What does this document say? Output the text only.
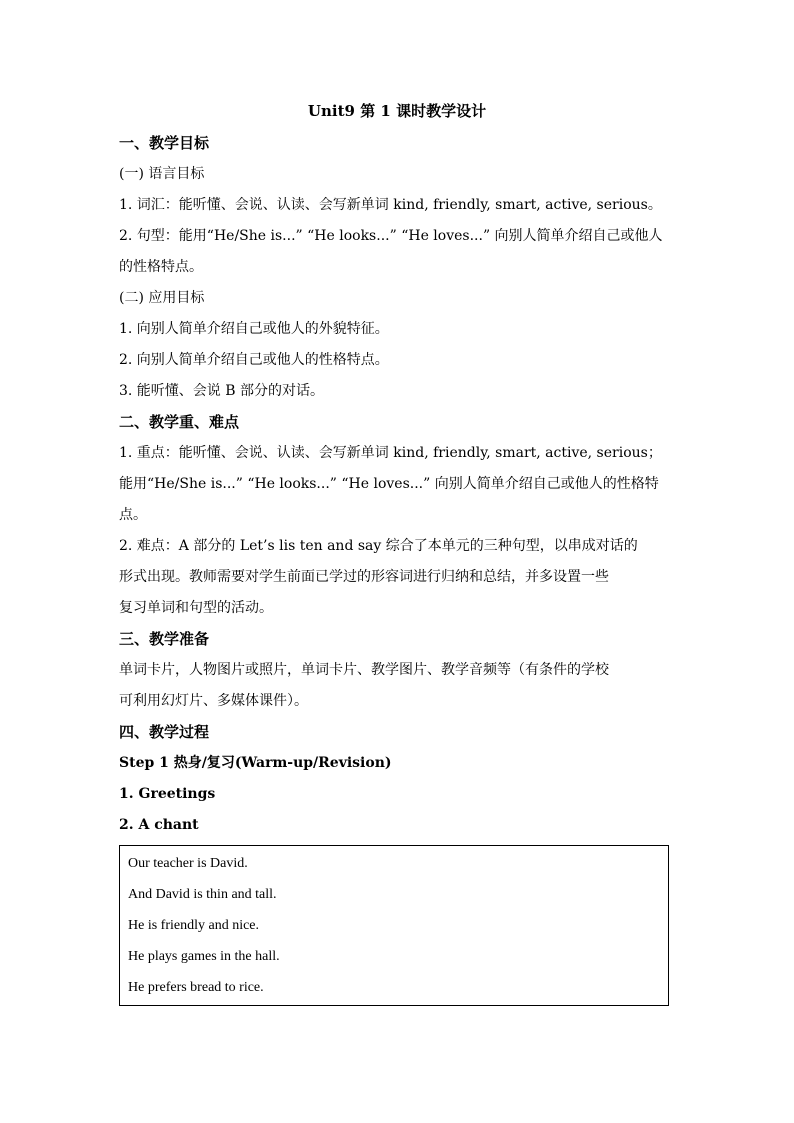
Unit9 第 1 课时教学设计

一、教学目标

(一) 语言目标

1. 词汇：能听懂、会说、认读、会写新单词 kind, friendly, smart, active, serious。

2. 句型：能用“He/She is...” “He looks...” “He loves...” 向别人简单介绍自己或他人

的性格特点。

(二) 应用目标

1. 向别人简单介绍自己或他人的外貌特征。

2. 向别人简单介绍自己或他人的性格特点。

3. 能听懂、会说 B 部分的对话。

二、教学重、难点

1. 重点：能听懂、会说、认读、会写新单词 kind, friendly, smart, active, serious；

能用“He/She is...” “He looks...” “He loves...” 向别人简单介绍自己或他人的性格特

点。

2. 难点：A 部分的 Let’s lis ten and say 综合了本单元的三种句型，以串成对话的

形式出现。教师需要对学生前面已学过的形容词进行归纳和总结，并多设置一些

复习单词和句型的活动。

三、教学准备

单词卡片，人物图片或照片，单词卡片、教学图片、教学音频等（有条件的学校

可利用幻灯片、多媒体课件）。

四、教学过程

Step 1 热身/复习(Warm-up/Revision)

1. Greetings

2. A chant

Our teacher is David.

And David is thin and tall.

He is friendly and nice.

He plays games in the hall.

He prefers bread to rice.
